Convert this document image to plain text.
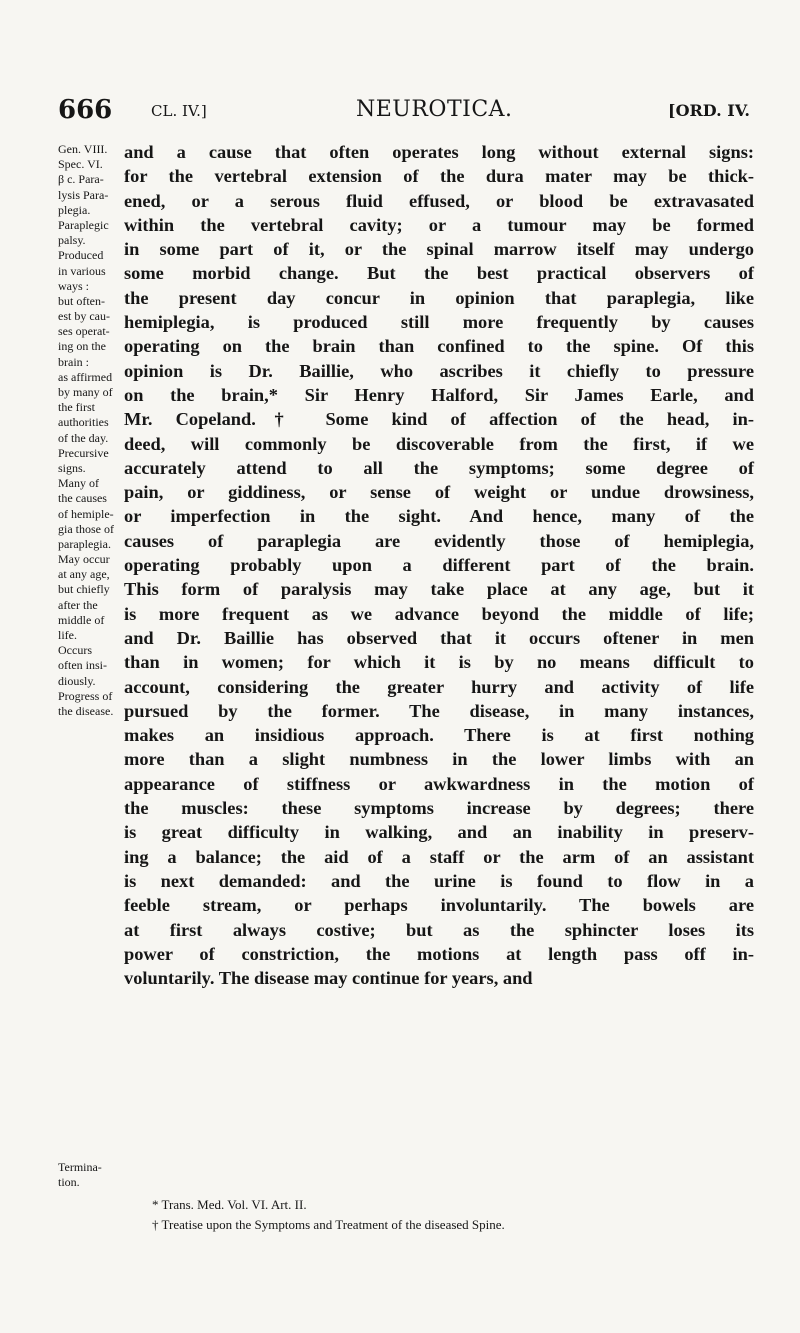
666	CL. IV.]	NEUROTICA.	[ORD. IV.
Gen. VIII.
Spec. VI.
β c. Para-
lysis Para-
plegia.
Paraplegic
palsy.
Produced
in various
ways :
but often-
est by cau-
ses operat-
ing on the
brain :
as affirmed
by many of
the first
authorities
of the day.
Precursive
signs.
Many of
the causes
of hemiple-
gia those of
paraplegia.
May occur
at any age,
but chiefly
after the
middle of
life.
Occurs
often insi-
diously.
Progress of
the disease.
Termina-
tion.
and a cause that often operates long without external signs:
for the vertebral extension of the dura mater may be thick-
ened, or a serous fluid effused, or blood be extravasated
within the vertebral cavity; or a tumour may be formed
in some part of it, or the spinal marrow itself may undergo
some morbid change. But the best practical observers of
the present day concur in opinion that paraplegia, like
hemiplegia, is produced still more frequently by causes
operating on the brain than confined to the spine. Of this
opinion is Dr. Baillie, who ascribes it chiefly to pressure
on the brain,* Sir Henry Halford, Sir James Earle, and
Mr. Copeland.† Some kind of affection of the head, in-
deed, will commonly be discoverable from the first, if we
accurately attend to all the symptoms; some degree of
pain, or giddiness, or sense of weight or undue drowsiness,
or imperfection in the sight. And hence, many of the
causes of paraplegia are evidently those of hemiplegia,
operating probably upon a different part of the brain.
This form of paralysis may take place at any age, but it
is more frequent as we advance beyond the middle of life;
and Dr. Baillie has observed that it occurs oftener in men
than in women; for which it is by no means difficult to
account, considering the greater hurry and activity of life
pursued by the former. The disease, in many instances,
makes an insidious approach. There is at first nothing
more than a slight numbness in the lower limbs with an
appearance of stiffness or awkwardness in the motion of
the muscles: these symptoms increase by degrees; there
is great difficulty in walking, and an inability in preserv-
ing a balance; the aid of a staff or the arm of an assistant
is next demanded: and the urine is found to flow in a
feeble stream, or perhaps involuntarily. The bowels are
at first always costive; but as the sphincter loses its
power of constriction, the motions at length pass off in-
voluntarily. The disease may continue for years, and
* Trans. Med. Vol. VI. Art. II.
† Treatise upon the Symptoms and Treatment of the diseased Spine.
